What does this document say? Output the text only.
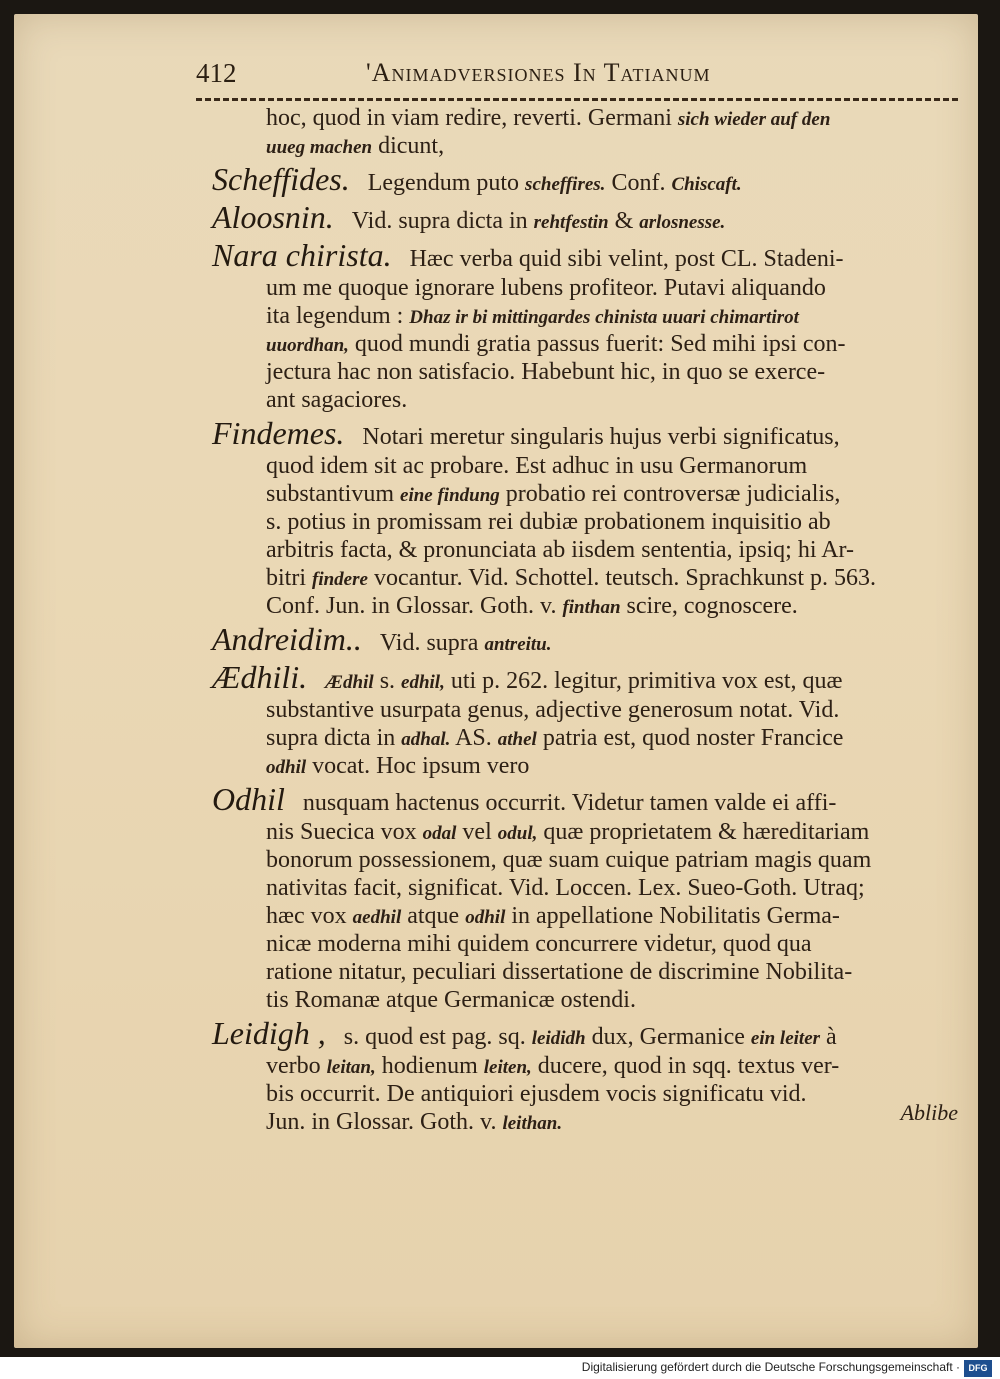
412	'Animadversiones In Tatianum
hoc, quod in viam redire, reverti. Germani sich wieder auf den
uueg machen dicunt,
Scheffides. Legendum puto scheffires. Conf. Chiscaft.
Aloosnin. Vid. supra dicta in rehtfestin & arlosnesse.
Nara chirista. Hæc verba quid sibi velint, post CL. Stadeni-
um me quoque ignorare lubens profiteor. Putavi aliquando
ita legendum : Dhaz ir bi mittingardes chinista uuari chimartirot
uuordhan, quod mundi gratia passus fuerit: Sed mihi ipsi con-
jectura hac non satisfacio. Habebunt hic, in quo se exerce-
ant sagaciores.
Findemes. Notari meretur singularis hujus verbi significatus,
quod idem sit ac probare. Est adhuc in usu Germanorum
substantivum eine findung probatio rei controversæ judicialis,
s. potius in promissam rei dubiæ probationem inquisitio ab
arbitris facta, & pronunciata ab iisdem sententia, ipsiq; hi Ar-
bitri findere vocantur. Vid. Schottel. teutsch. Sprachkunst p. 563.
Conf. Jun. in Glossar. Goth. v. finthan scire, cognoscere.
Andreidim.. Vid. supra antreitu.
Ædhili. Ædhil s. edhil, uti p. 262. legitur, primitiva vox est, quæ
substantive usurpata genus, adjective generosum notat. Vid.
supra dicta in adhal. AS. athel patria est, quod noster Francice
odhil vocat. Hoc ipsum vero
Odhil nusquam hactenus occurrit. Videtur tamen valde ei affi-
nis Suecica vox odal vel odul, quæ proprietatem & hæreditariam
bonorum possessionem, quæ suam cuique patriam magis quam
nativitas facit, significat. Vid. Loccen. Lex. Sueo-Goth. Utraq;
hæc vox aedhil atque odhil in appellatione Nobilitatis Germa-
nicæ moderna mihi quidem concurrere videtur, quod qua
ratione nitatur, peculiari dissertatione de discrimine Nobilita-
tis Romanæ atque Germanicæ ostendi.
Leidigh , s. quod est pag. sq. leididh dux, Germanice ein leiter à
verbo leitan, hodienum leiten, ducere, quod in sqq. textus ver-
bis occurrit. De antiquiori ejusdem vocis significatu vid.
Jun. in Glossar. Goth. v. leithan.	Ablibe
Digitalisierung gefördert durch die Deutsche Forschungsgemeinschaft · DFG
